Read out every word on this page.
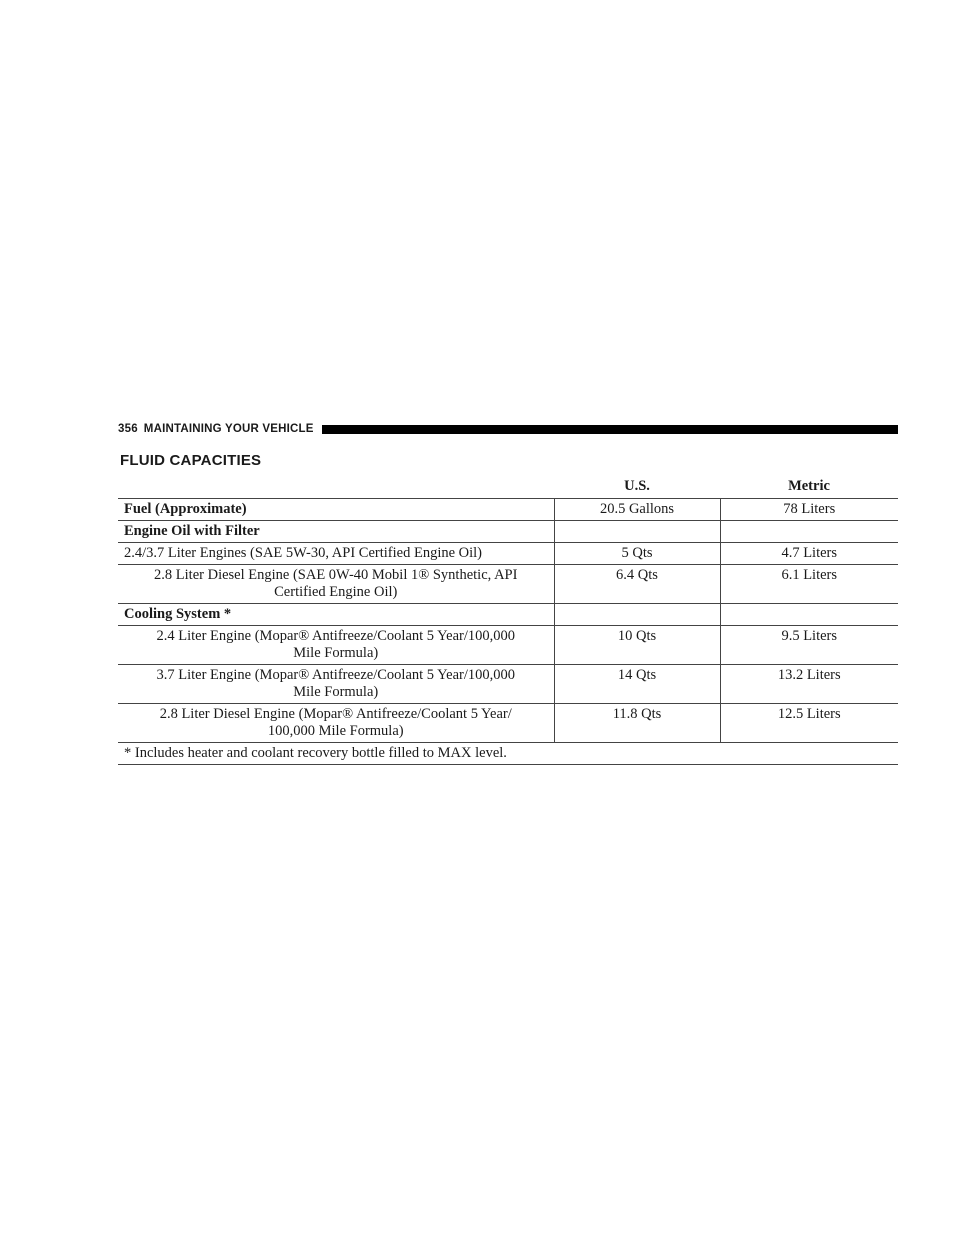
356 MAINTAINING YOUR VEHICLE
FLUID CAPACITIES
	U.S.	Metric
Fuel (Approximate)	20.5 Gallons	78 Liters
Engine Oil with Filter		
2.4/3.7 Liter Engines (SAE 5W-30, API Certified Engine Oil)	5 Qts	4.7 Liters

2.8 Liter Diesel Engine (SAE 0W-40 Mobil 1® Synthetic, API
Certified Engine Oil)	6.4 Qts	6.1 Liters
Cooling System *		

2.4 Liter Engine (Mopar® Antifreeze/Coolant 5 Year/100,000
Mile Formula)	10 Qts	9.5 Liters

3.7 Liter Engine (Mopar® Antifreeze/Coolant 5 Year/100,000
Mile Formula)	14 Qts	13.2 Liters

2.8 Liter Diesel Engine (Mopar® Antifreeze/Coolant 5 Year/
100,000 Mile Formula)	11.8 Qts	12.5 Liters
* Includes heater and coolant recovery bottle filled to MAX level.		
